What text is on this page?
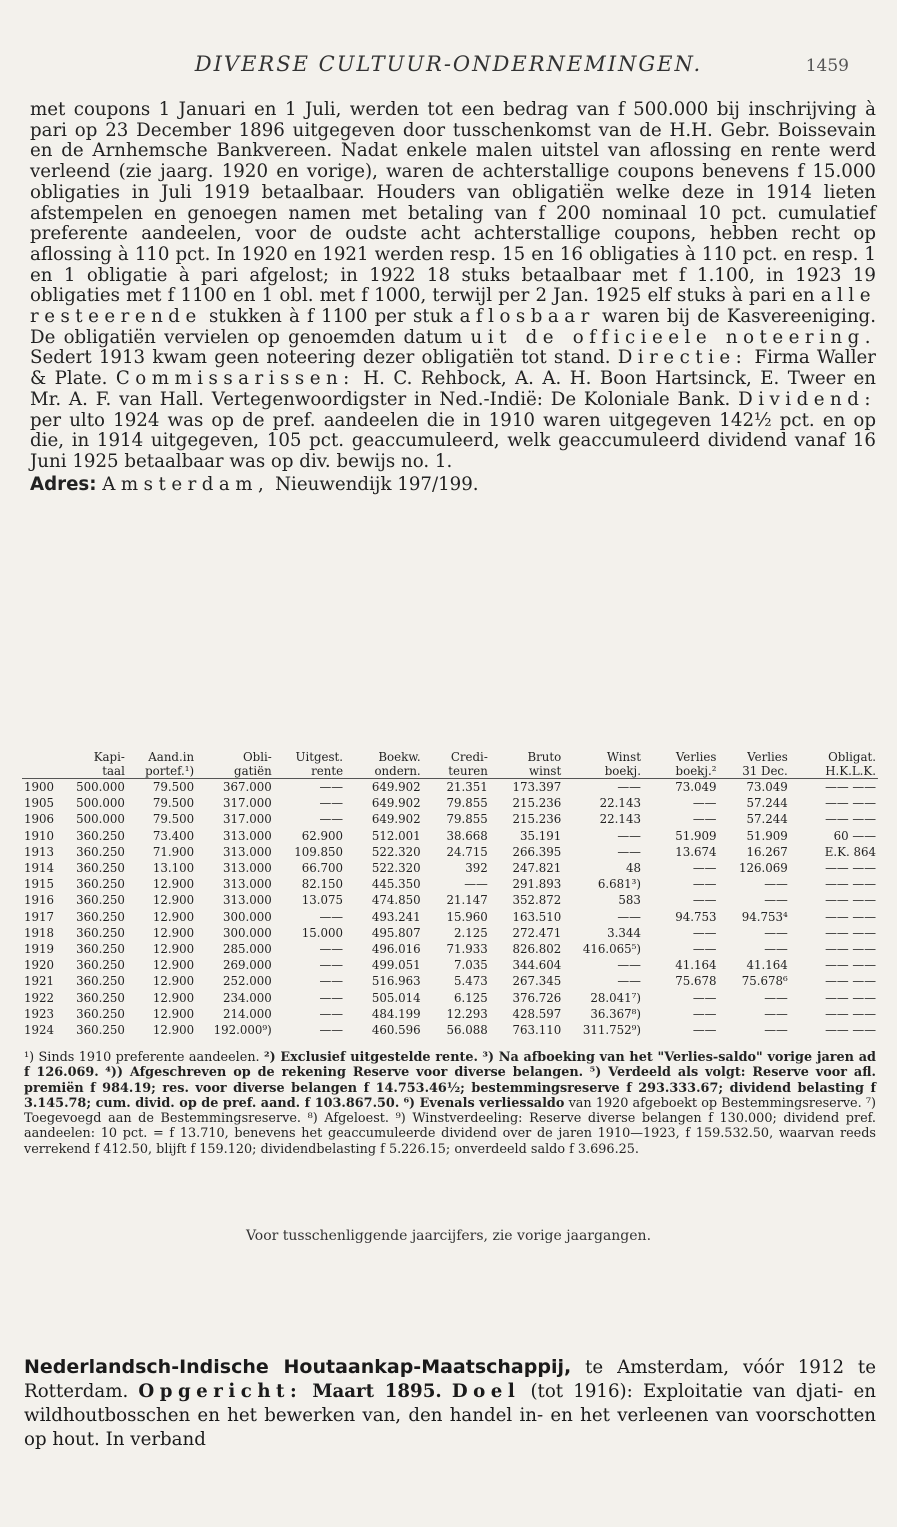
DIVERSE CULTUUR-ONDERNEMINGEN.	1459
met coupons 1 Januari en 1 Juli, werden tot een bedrag van f 500.000 bij inschrijving à pari op 23 December 1896 uitgegeven door tusschenkomst van de H.H. Gebr. Boissevain en de Arnhemsche Bankvereen. Nadat enkele malen uitstel van aflossing en rente werd verleend (zie jaarg. 1920 en vorige), waren de achterstallige coupons benevens f 15.000 obligaties in Juli 1919 betaalbaar. Houders van obligatiën welke deze in 1914 lieten afstempelen en genoegen namen met betaling van f 200 nominaal 10 pct. cumulatief preferente aandeelen, voor de oudste acht achterstallige coupons, hebben recht op aflossing à 110 pct. In 1920 en 1921 werden resp. 15 en 16 obligaties à 110 pct. en resp. 1 en 1 obligatie à pari afgelost; in 1922 18 stuks betaalbaar met f 1.100, in 1923 19 obligaties met f 1100 en 1 obl. met f 1000, terwijl per 2 Jan. 1925 elf stuks à pari en alle resteerende stukken à f 1100 per stuk aflosbaar waren bij de Kasvereeniging. De obligatiën vervielen op genoemden datum uit de officieele noteering. Sedert 1913 kwam geen noteering dezer obligatiën tot stand. Directie: Firma Waller & Plate. Commissarissen: H. C. Rehbock, A. A. H. Boon Hartsinck, E. Tweer en Mr. A. F. van Hall. Vertegenwoordigster in Ned.-Indië: De Koloniale Bank. Dividend: per ulto 1924 was op de pref. aandeelen die in 1910 waren uitgegeven 142½ pct. en op die, in 1914 uitgegeven, 105 pct. geaccumuleerd, welk geaccumuleerd dividend vanaf 16 Juni 1925 betaalbaar was op div. bewijs no. 1.
Adres: Amsterdam, Nieuwendijk 197/199.
	Kapi-	Aand.in	Obli-	Uitgest.	Boekw.	Credi-	Bruto	Winst	Verlies	Verlies	Obligat.
	taal	portef.¹)	gatiën	rente	ondern.	teuren	winst	boekj.	boekj.²	31 Dec.	H.K.L.K.
1900	500.000	79.500	367.000	——	649.902	21.351	173.397	——	73.049	73.049	—— ——
1905	500.000	79.500	317.000	——	649.902	79.855	215.236	22.143	——	57.244	—— ——
1906	500.000	79.500	317.000	——	649.902	79.855	215.236	22.143	——	57.244	—— ——
1910	360.250	73.400	313.000	62.900	512.001	38.668	35.191	——	51.909	51.909	60 ——
1913	360.250	71.900	313.000	109.850	522.320	24.715	266.395	——	13.674	16.267	E.K. 864
1914	360.250	13.100	313.000	66.700	522.320	392	247.821	48	——	126.069	—— ——
1915	360.250	12.900	313.000	82.150	445.350	——	291.893	6.681³)	——	——	—— ——
1916	360.250	12.900	313.000	13.075	474.850	21.147	352.872	583	——	——	—— ——
1917	360.250	12.900	300.000	——	493.241	15.960	163.510	——	94.753	94.753⁴	—— ——
1918	360.250	12.900	300.000	15.000	495.807	2.125	272.471	3.344	——	——	—— ——
1919	360.250	12.900	285.000	——	496.016	71.933	826.802	416.065⁵)	——	——	—— ——
1920	360.250	12.900	269.000	——	499.051	7.035	344.604	——	41.164	41.164	—— ——
1921	360.250	12.900	252.000	——	516.963	5.473	267.345	——	75.678	75.678⁶	—— ——
1922	360.250	12.900	234.000	——	505.014	6.125	376.726	28.041⁷)	——	——	—— ——
1923	360.250	12.900	214.000	——	484.199	12.293	428.597	36.367⁸)	——	——	—— ——
1924	360.250	12.900	192.000⁹)	——	460.596	56.088	763.110	311.752⁹)	——	——	—— ——
¹) Sinds 1910 preferente aandeelen. ²) Exclusief uitgestelde rente. ³) Na afboeking van het "Verlies-saldo" vorige jaren ad f 126.069. ⁴)) Afgeschreven op de rekening Reserve voor diverse belangen. ⁵) Verdeeld als volgt: Reserve voor afl. premiën f 984.19; res. voor diverse belangen f 14.753.46½; bestemmingsreserve f 293.333.67; dividend belasting f 3.145.78; cum. divid. op de pref. aand. f 103.867.50. ⁶) Evenals verliessaldo van 1920 afgeboekt op Bestemmingsreserve. ⁷) Toegevoegd aan de Bestemmingsreserve. ⁸) Afgeloest. ⁹) Winstverdeeling: Reserve diverse belangen f 130.000; dividend pref. aandeelen: 10 pct. = f 13.710, benevens het geaccumuleerde dividend over de jaren 1910—1923, f 159.532.50, waarvan reeds verrekend f 412.50, blijft f 159.120; dividendbelasting f 5.226.15; onverdeeld saldo f 3.696.25.
Voor tusschenliggende jaarcijfers, zie vorige jaargangen.
Nederlandsch-Indische Houtaankap-Maatschappij, te Amsterdam, vóór 1912 te Rotterdam. Opgericht: Maart 1895. Doel (tot 1916): Exploitatie van djati- en wildhoutbosschen en het bewerken van, den handel in- en het verleenen van voorschotten op hout. In verband
